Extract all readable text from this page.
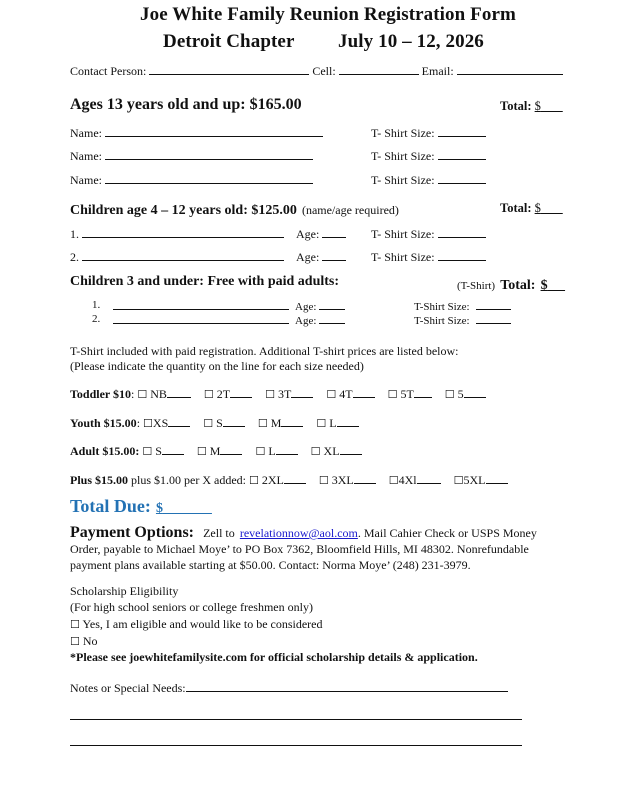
Joe White Family Reunion Registration Form
Detroit Chapter July 10 – 12, 2026
Contact Person:	Cell:	Email:
Ages 13 years old and up: $165.00	Total: $
Name:	T- Shirt Size:
Name:	T- Shirt Size:
Name:	T- Shirt Size:
Children age 4 – 12 years old: $125.00 (name/age required)	Total: $
1.	Age:	T- Shirt Size:
2.	Age:	T- Shirt Size:
Children 3 and under: Free with paid adults:	(T-Shirt) Total: $
1.	Age:	T-Shirt Size:
2.	Age:	T-Shirt Size:
T-Shirt included with paid registration. Additional T-shirt prices are listed below:
(Please indicate the quantity on the line for each size needed)
Toddler $10: ☐ NB	☐ 2T	☐ 3T	☐ 4T	☐ 5T	☐ 5
Youth $15.00: ☐XS	☐ S	☐ M	☐ L
Adult $15.00: ☐ S	☐ M	☐ L	☐ XL
Plus $15.00 plus $1.00 per X added: ☐ 2XL	☐ 3XL	☐4Xl	☐5XL
Total Due: $
Payment Options: Zell to revelationnow@aol.com. Mail Cahier Check or USPS Money
Order, payable to Michael Moye’ to PO Box 7362, Bloomfield Hills, MI 48302. Nonrefundable
payment plans available starting at $50.00. Contact: Norma Moye’ (248) 231-3979.
Scholarship Eligibility
(For high school seniors or college freshmen only)
☐ Yes, I am eligible and would like to be considered
☐ No
*Please see joewhitefamilysite.com for official scholarship details & application.
Notes or Special Needs:
